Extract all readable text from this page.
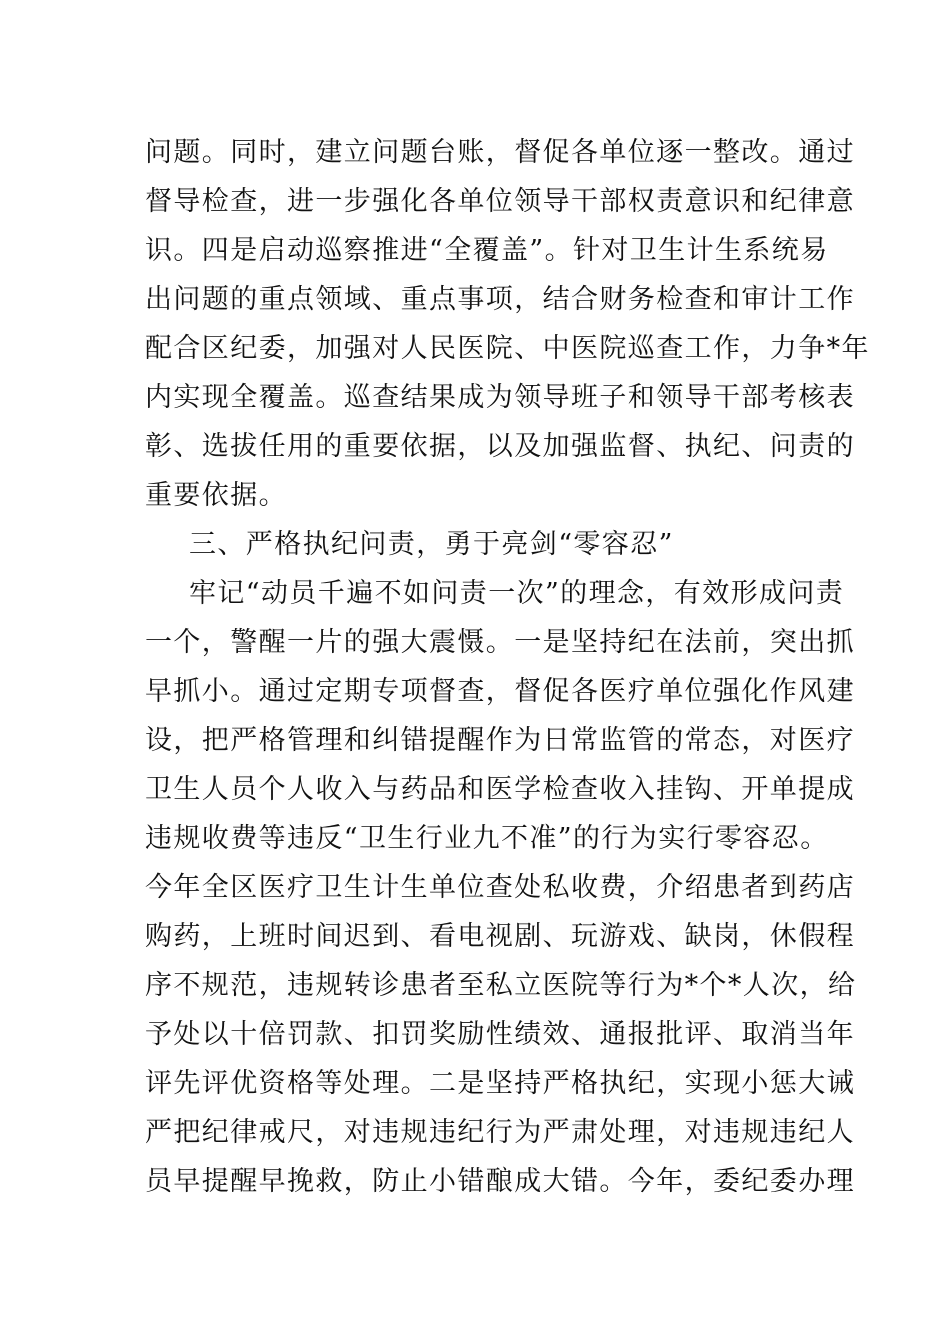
问题。同时，建立问题台账，督促各单位逐一整改。通过
督导检查，进一步强化各单位领导干部权责意识和纪律意
识。四是启动巡察推进“全覆盖”。针对卫生计生系统易
出问题的重点领域、重点事项，结合财务检查和审计工作
配合区纪委，加强对人民医院、中医院巡查工作，力争*年
内实现全覆盖。巡查结果成为领导班子和领导干部考核表
彰、选拔任用的重要依据，以及加强监督、执纪、问责的
重要依据。
三、严格执纪问责，勇于亮剑“零容忍”
牢记“动员千遍不如问责一次”的理念，有效形成问责
一个，警醒一片的强大震慑。一是坚持纪在法前，突出抓
早抓小。通过定期专项督查，督促各医疗单位强化作风建
设，把严格管理和纠错提醒作为日常监管的常态，对医疗
卫生人员个人收入与药品和医学检查收入挂钩、开单提成
违规收费等违反“卫生行业九不准”的行为实行零容忍。
今年全区医疗卫生计生单位查处私收费，介绍患者到药店
购药，上班时间迟到、看电视剧、玩游戏、缺岗，休假程
序不规范，违规转诊患者至私立医院等行为*个*人次，给
予处以十倍罚款、扣罚奖励性绩效、通报批评、取消当年
评先评优资格等处理。二是坚持严格执纪，实现小惩大诫
严把纪律戒尺，对违规违纪行为严肃处理，对违规违纪人
员早提醒早挽救，防止小错酿成大错。今年，委纪委办理
